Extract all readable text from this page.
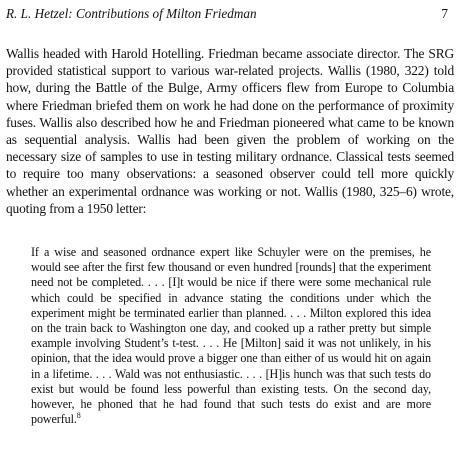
R. L. Hetzel: Contributions of Milton Friedman	7

Wallis headed with Harold Hotelling. Friedman became associate director. The SRG provided statistical support to various war-related projects. Wallis (1980, 322) told how, during the Battle of the Bulge, Army officers flew from Europe to Columbia where Friedman briefed them on work he had done on the performance of proximity fuses. Wallis also described how he and Friedman pioneered what came to be known as sequential analysis. Wallis had been given the problem of working on the necessary size of samples to use in testing military ordnance. Classical tests seemed to require too many observations: a seasoned observer could tell more quickly whether an experimental ordnance was working or not. Wallis (1980, 325–6) wrote, quoting from a 1950 letter:

If a wise and seasoned ordnance expert like Schuyler were on the premises, he would see after the first few thousand or even hundred [rounds] that the experiment need not be completed. . . . [I]t would be nice if there were some mechanical rule which could be specified in advance stating the conditions under which the experiment might be terminated earlier than planned. . . . Milton explored this idea on the train back to Washington one day, and cooked up a rather pretty but simple example involving Student’s t-test. . . . He [Milton] said it was not unlikely, in his opinion, that the idea would prove a bigger one than either of us would hit on again in a lifetime. . . . Wald was not enthusiastic. . . . [H]is hunch was that such tests do exist but would be found less powerful than existing tests. On the second day, however, he phoned that he had found that such tests do exist and are more powerful.$^8$
